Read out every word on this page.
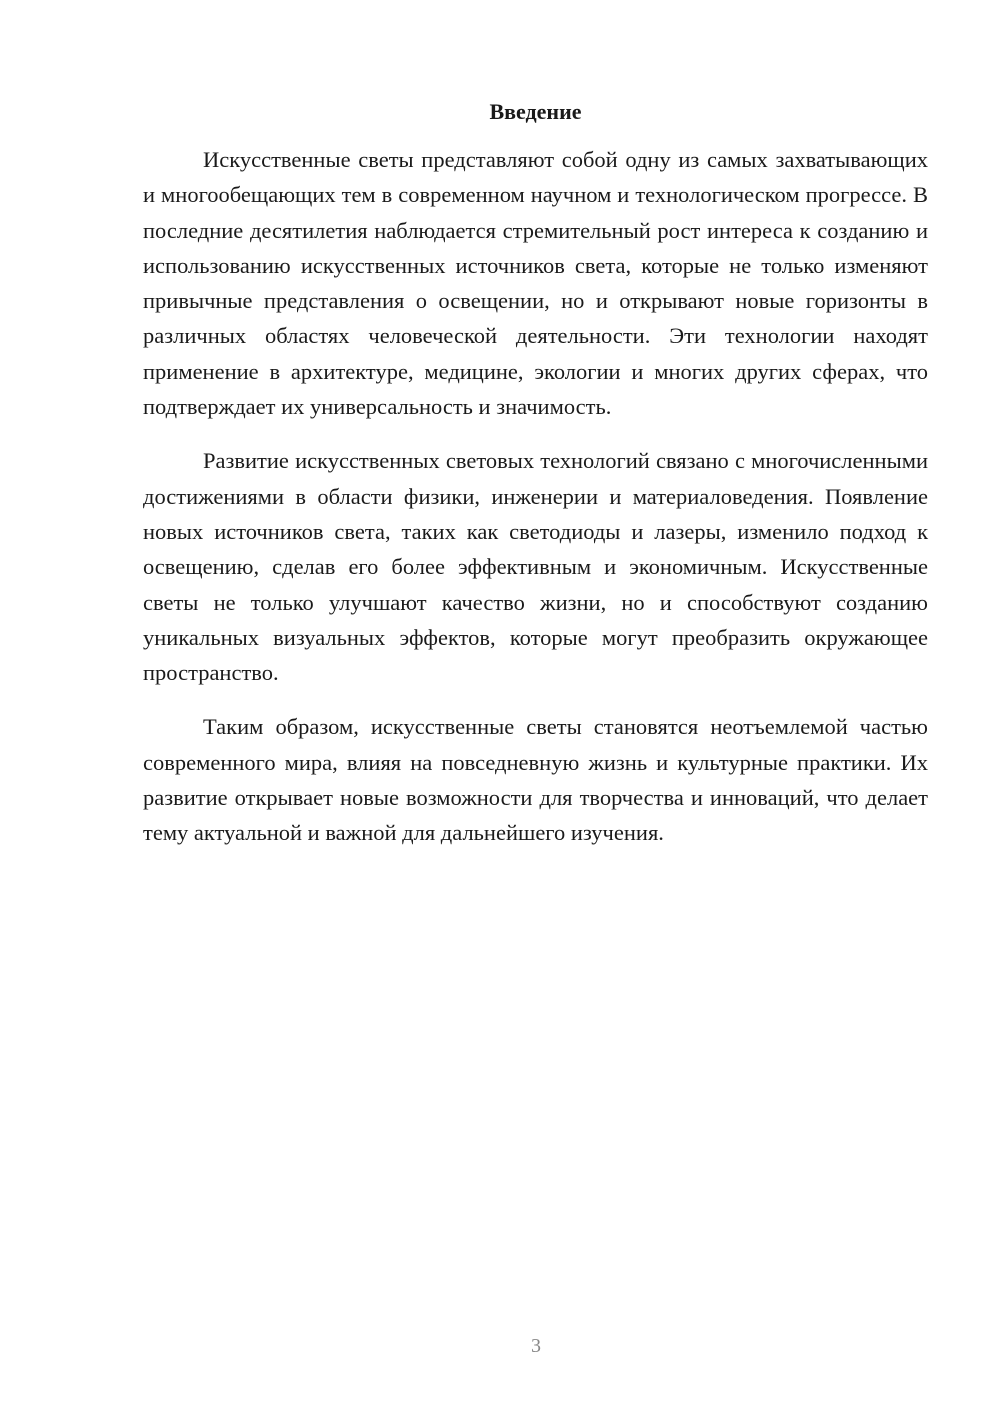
Введение

Искусственные светы представляют собой одну из самых захватывающих и многообещающих тем в современном научном и технологическом прогрессе. В последние десятилетия наблюдается стремительный рост интереса к созданию и использованию искусственных источников света, которые не только изменяют привычные представления о освещении, но и открывают новые горизонты в различных областях человеческой деятельности. Эти технологии находят применение в архитектуре, медицине, экологии и многих других сферах, что подтверждает их универсальность и значимость.

Развитие искусственных световых технологий связано с многочисленными достижениями в области физики, инженерии и материаловедения. Появление новых источников света, таких как светодиоды и лазеры, изменило подход к освещению, сделав его более эффективным и экономичным. Искусственные светы не только улучшают качество жизни, но и способствуют созданию уникальных визуальных эффектов, которые могут преобразить окружающее пространство.

Таким образом, искусственные светы становятся неотъемлемой частью современного мира, влияя на повседневную жизнь и культурные практики. Их развитие открывает новые возможности для творчества и инноваций, что делает тему актуальной и важной для дальнейшего изучения.

3
